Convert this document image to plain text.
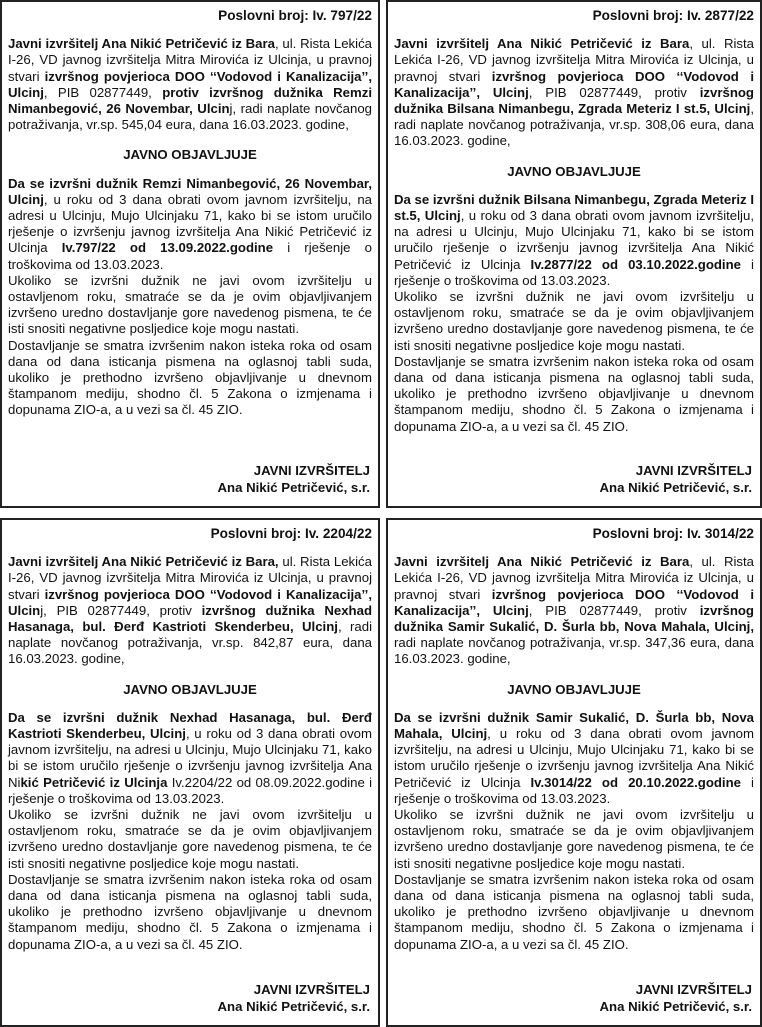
Poslovni broj: Iv. 797/22

Javni izvršitelj Ana Nikić Petričević iz Bara, ul. Rista Lekića I-26, VD javnog izvršitelja Mitra Mirovića iz Ulcinja, u pravnoj stvari izvršnog povjerioca DOO ‘‘Vodovod i Kanalizacija’’, Ulcinj, PIB 02877449, protiv izvršnog dužnika Remzi Nimanbegović, 26 Novembar, Ulcinj, radi naplate novčanog potraživanja, vr.sp. 545,04 eura, dana 16.03.2023. godine,

JAVNO OBJAVLJUJE

Da se izvršni dužnik Remzi Nimanbegović, 26 Novembar, Ulcinj, u roku od 3 dana obrati ovom javnom izvršitelju, na adresi u Ulcinju, Mujo Ulcinjaku 71, kako bi se istom uručilo rješenje o izvršenju javnog izvršitelja Ana Nikić Petričević iz Ulcinja Iv.797/22 od 13.09.2022.godine i rješenje o troškovima od 13.03.2023.

Ukoliko se izvršni dužnik ne javi ovom izvršitelju u ostavljenom roku, smatraće se da je ovim objavljivanjem izvršeno uredno dostavljanje gore navedenog pismena, te će isti snositi negativne posljedice koje mogu nastati.

Dostavljanje se smatra izvršenim nakon isteka roka od osam dana od dana isticanja pismena na oglasnoj tabli suda, ukoliko je prethodno izvršeno objavljivanje u dnevnom štampanom mediju, shodno čl. 5 Zakona o izmjenama i dopunama ZIO-a, a u vezi sa čl. 45 ZIO.

JAVNI IZVRŠITELJ
Ana Nikić Petričević, s.r.
Poslovni broj: Iv. 2877/22

Javni izvršitelj Ana Nikić Petričević iz Bara, ul. Rista Lekića I-26, VD javnog izvršitelja Mitra Mirovića iz Ulcinja, u pravnoj stvari izvršnog povjerioca DOO ‘‘Vodovod i Kanalizacija’’, Ulcinj, PIB 02877449, protiv izvršnog dužnika Bilsana Nimanbegu, Zgrada Meteriz I st.5, Ulcinj, radi naplate novčanog potraživanja, vr.sp. 308,06 eura, dana 16.03.2023. godine,

JAVNO OBJAVLJUJE

Da se izvršni dužnik Bilsana Nimanbegu, Zgrada Meteriz I st.5, Ulcinj, u roku od 3 dana obrati ovom javnom izvršitelju, na adresi u Ulcinju, Mujo Ulcinjaku 71, kako bi se istom uručilo rješenje o izvršenju javnog izvršitelja Ana Nikić Petričević iz Ulcinja Iv.2877/22 od 03.10.2022.godine i rješenje o troškovima od 13.03.2023.

Ukoliko se izvršni dužnik ne javi ovom izvršitelju u ostavljenom roku, smatraće se da je ovim objavljivanjem izvršeno uredno dostavljanje gore navedenog pismena, te će isti snositi negativne posljedice koje mogu nastati.

Dostavljanje se smatra izvršenim nakon isteka roka od osam dana od dana isticanja pismena na oglasnoj tabli suda, ukoliko je prethodno izvršeno objavljivanje u dnevnom štampanom mediju, shodno čl. 5 Zakona o izmjenama i dopunama ZIO-a, a u vezi sa čl. 45 ZIO.

JAVNI IZVRŠITELJ
Ana Nikić Petričević, s.r.
Poslovni broj: Iv. 2204/22

Javni izvršitelj Ana Nikić Petričević iz Bara, ul. Rista Lekića I-26, VD javnog izvršitelja Mitra Mirovića iz Ulcinja, u pravnoj stvari izvršnog povjerioca DOO ‘‘Vodovod i Kanalizacija’’, Ulcinj, PIB 02877449, protiv izvršnog dužnika Nexhad Hasanaga, bul. Đerđ Kastrioti Skenderbeu, Ulcinj, radi naplate novčanog potraživanja, vr.sp. 842,87 eura, dana 16.03.2023. godine,

JAVNO OBJAVLJUJE

Da se izvršni dužnik Nexhad Hasanaga, bul. Đerđ Kastrioti Skenderbeu, Ulcinj, u roku od 3 dana obrati ovom javnom izvršitelju, na adresi u Ulcinju, Mujo Ulcinjaku 71, kako bi se istom uručilo rješenje o izvršenju javnog izvršitelja Ana Nikić Petričević iz Ulcinja Iv.2204/22 od 08.09.2022.godine i rješenje o troškovima od 13.03.2023.

Ukoliko se izvršni dužnik ne javi ovom izvršitelju u ostavljenom roku, smatraće se da je ovim objavljivanjem izvršeno uredno dostavljanje gore navedenog pismena, te će isti snositi negativne posljedice koje mogu nastati.

Dostavljanje se smatra izvršenim nakon isteka roka od osam dana od dana isticanja pismena na oglasnoj tabli suda, ukoliko je prethodno izvršeno objavljivanje u dnevnom štampanom mediju, shodno čl. 5 Zakona o izmjenama i dopunama ZIO-a, a u vezi sa čl. 45 ZIO.

JAVNI IZVRŠITELJ
Ana Nikić Petričević, s.r.
Poslovni broj: Iv. 3014/22

Javni izvršitelj Ana Nikić Petričević iz Bara, ul. Rista Lekića I-26, VD javnog izvršitelja Mitra Mirovića iz Ulcinja, u pravnoj stvari izvršnog povjerioca DOO ‘‘Vodovod i Kanalizacija’’, Ulcinj, PIB 02877449, protiv izvršnog dužnika Samir Sukalić, D. Šurla bb, Nova Mahala, Ulcinj, radi naplate novčanog potraživanja, vr.sp. 347,36 eura, dana 16.03.2023. godine,

JAVNO OBJAVLJUJE

Da se izvršni dužnik Samir Sukalić, D. Šurla bb, Nova Mahala, Ulcinj, u roku od 3 dana obrati ovom javnom izvršitelju, na adresi u Ulcinju, Mujo Ulcinjaku 71, kako bi se istom uručilo rješenje o izvršenju javnog izvršitelja Ana Nikić Petričević iz Ulcinja Iv.3014/22 od 20.10.2022.godine i rješenje o troškovima od 13.03.2023.

Ukoliko se izvršni dužnik ne javi ovom izvršitelju u ostavljenom roku, smatraće se da je ovim objavljivanjem izvršeno uredno dostavljanje gore navedenog pismena, te će isti snositi negativne posljedice koje mogu nastati.

Dostavljanje se smatra izvršenim nakon isteka roka od osam dana od dana isticanja pismena na oglasnoj tabli suda, ukoliko je prethodno izvršeno objavljivanje u dnevnom štampanom mediju, shodno čl. 5 Zakona o izmjenama i dopunama ZIO-a, a u vezi sa čl. 45 ZIO.

JAVNI IZVRŠITELJ
Ana Nikić Petričević, s.r.
